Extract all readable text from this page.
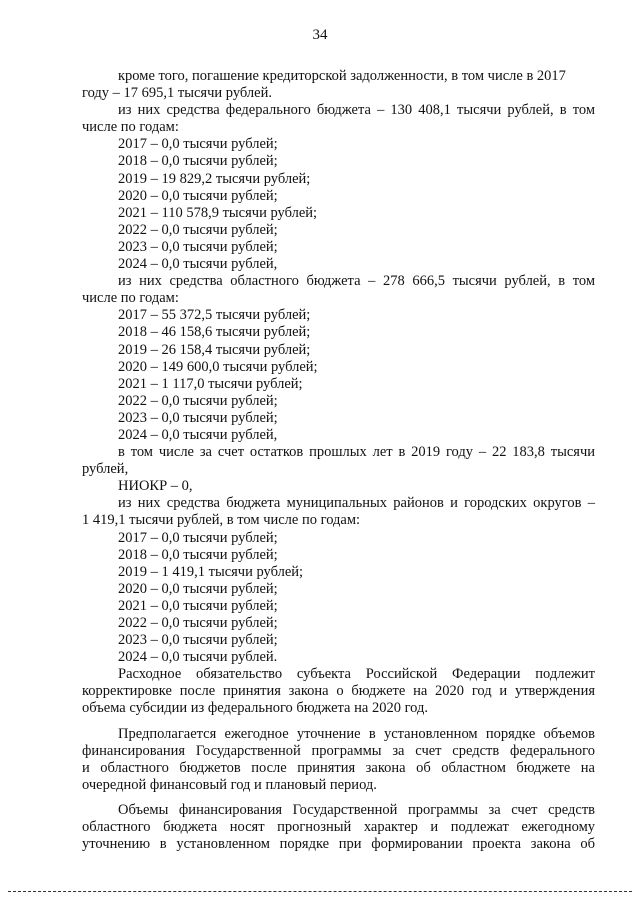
34
кроме того, погашение кредиторской задолженности, в том числе в 2017
году – 17 695,1 тысячи рублей.
из них средства федерального бюджета – 130 408,1 тысячи рублей, в том
числе по годам:
2017 – 0,0 тысячи рублей;
2018 – 0,0 тысячи рублей;
2019 – 19 829,2 тысячи рублей;
2020 – 0,0 тысячи рублей;
2021 – 110 578,9 тысячи рублей;
2022 – 0,0 тысячи рублей;
2023 – 0,0 тысячи рублей;
2024 – 0,0 тысячи рублей,
из них средства областного бюджета – 278 666,5 тысячи рублей, в том
числе по годам:
2017 – 55 372,5 тысячи рублей;
2018 – 46 158,6 тысячи рублей;
2019 – 26 158,4 тысячи рублей;
2020 – 149 600,0 тысячи рублей;
2021 – 1 117,0 тысячи рублей;
2022 – 0,0 тысячи рублей;
2023 – 0,0 тысячи рублей;
2024 – 0,0 тысячи рублей,
в том числе за счет остатков прошлых лет в 2019 году – 22 183,8 тысячи
рублей,
НИОКР – 0,
из них средства бюджета муниципальных районов и городских округов –
1 419,1 тысячи рублей, в том числе по годам:
2017 – 0,0 тысячи рублей;
2018 – 0,0 тысячи рублей;
2019 – 1 419,1 тысячи рублей;
2020 – 0,0 тысячи рублей;
2021 – 0,0 тысячи рублей;
2022 – 0,0 тысячи рублей;
2023 – 0,0 тысячи рублей;
2024 – 0,0 тысячи рублей.
Расходное обязательство субъекта Российской Федерации подлежит
корректировке после принятия закона о бюджете на 2020 год и утверждения
объема субсидии из федерального бюджета на 2020 год.
Предполагается ежегодное уточнение в установленном порядке объемов
финансирования Государственной программы за счет средств федерального
и областного бюджетов после принятия закона об областном бюджете на
очередной финансовый год и плановый период.
Объемы финансирования Государственной программы за счет средств
областного бюджета носят прогнозный характер и подлежат ежегодному
уточнению в установленном порядке при формировании проекта закона об
